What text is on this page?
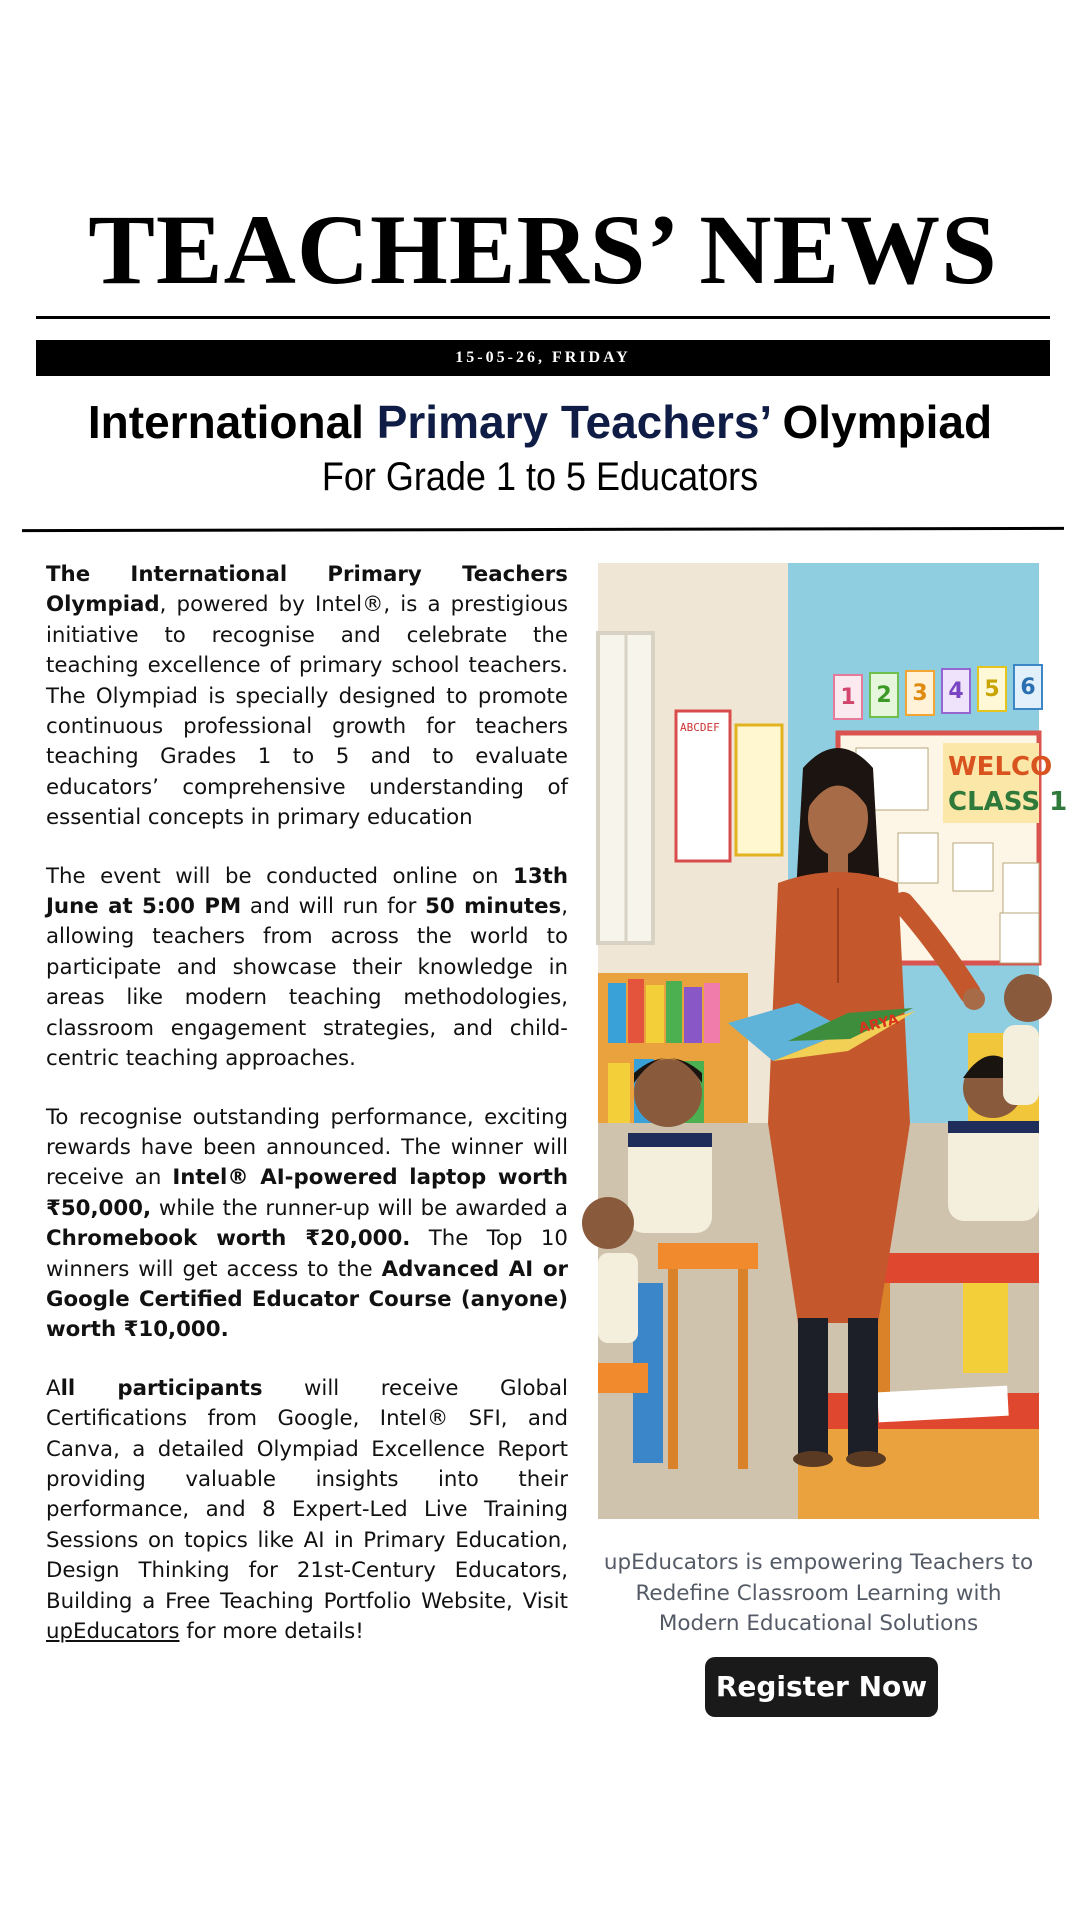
TEACHERS’ NEWS
15-05-26, FRIDAY
International Primary Teachers’ Olympiad
For Grade 1 to 5 Educators

The International Primary Teachers Olympiad, powered by Intel®, is a prestigious initiative to recognise and celebrate the teaching excellence of primary school teachers. The Olympiad is specially designed to promote continuous professional growth for teachers teaching Grades 1 to 5 and to evaluate educators’ comprehensive understanding of essential concepts in primary education

The event will be conducted online on 13th June at 5:00 PM and will run for 50 minutes, allowing teachers from across the world to participate and showcase their knowledge in areas like modern teaching methodologies, classroom engagement strategies, and child-centric teaching approaches.

To recognise outstanding performance, exciting rewards have been announced. The winner will receive an Intel® AI-powered laptop worth ₹50,000, while the runner-up will be awarded a Chromebook worth ₹20,000. The Top 10 winners will get access to the Advanced AI or Google Certified Educator Course (anyone) worth ₹10,000.

All participants will receive Global Certifications from Google, Intel® SFI, and Canva, a detailed Olympiad Excellence Report providing valuable insights into their performance, and 8 Expert-Led Live Training Sessions on topics like AI in Primary Education, Design Thinking for 21st-Century Educators, Building a Free Teaching Portfolio Website, Visit upEducators for more details!

1 2 3 4 5 6
WELCO
CLASS 1
ABCDEF
ARYA
upEducators is empowering Teachers to Redefine Classroom Learning with Modern Educational Solutions
Register Now
